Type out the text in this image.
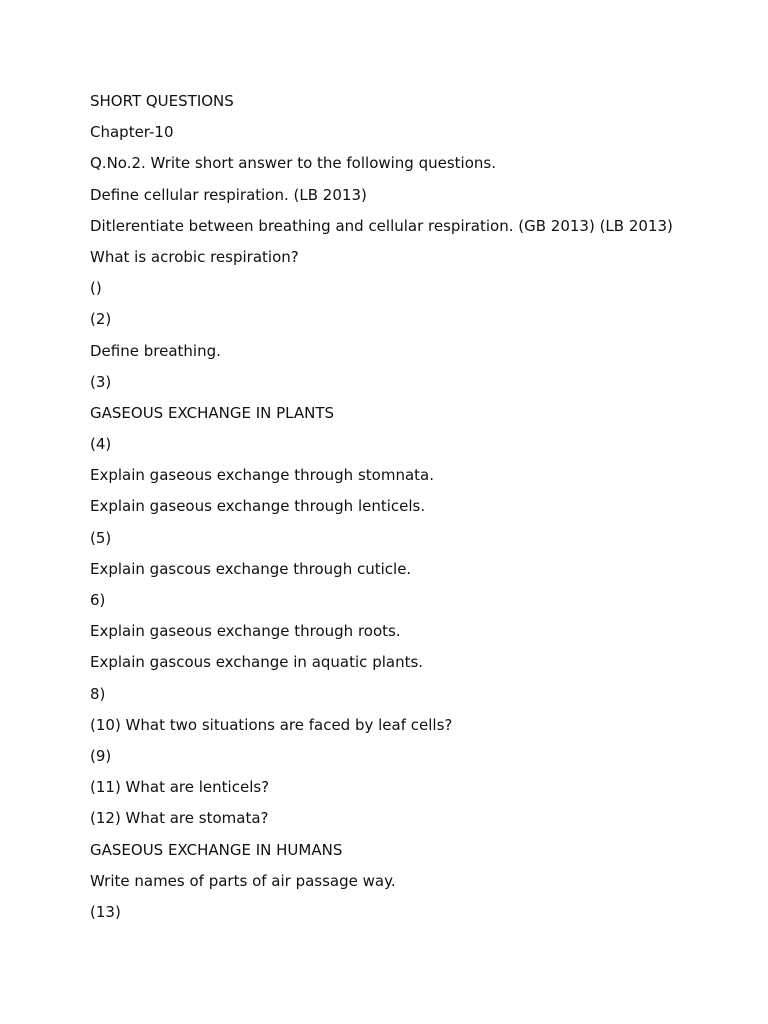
SHORT QUESTIONS
Chapter-10
Q.No.2. Write short answer to the following questions.
Define cellular respiration. (LB 2013)
Ditlerentiate between breathing and cellular respiration. (GB 2013) (LB 2013)
What is acrobic respiration?
()
(2)
Define breathing.
(3)
GASEOUS EXCHANGE IN PLANTS
(4)
Explain gaseous exchange through stomnata.
Explain gaseous exchange through lenticels.
(5)
Explain gascous exchange through cuticle.
6)
Explain gaseous exchange through roots.
Explain gascous exchange in aquatic plants.
8)
(10) What two situations are faced by leaf cells?
(9)
(11) What are lenticels?
(12) What are stomata?
GASEOUS EXCHANGE IN HUMANS
Write names of parts of air passage way.
(13)
